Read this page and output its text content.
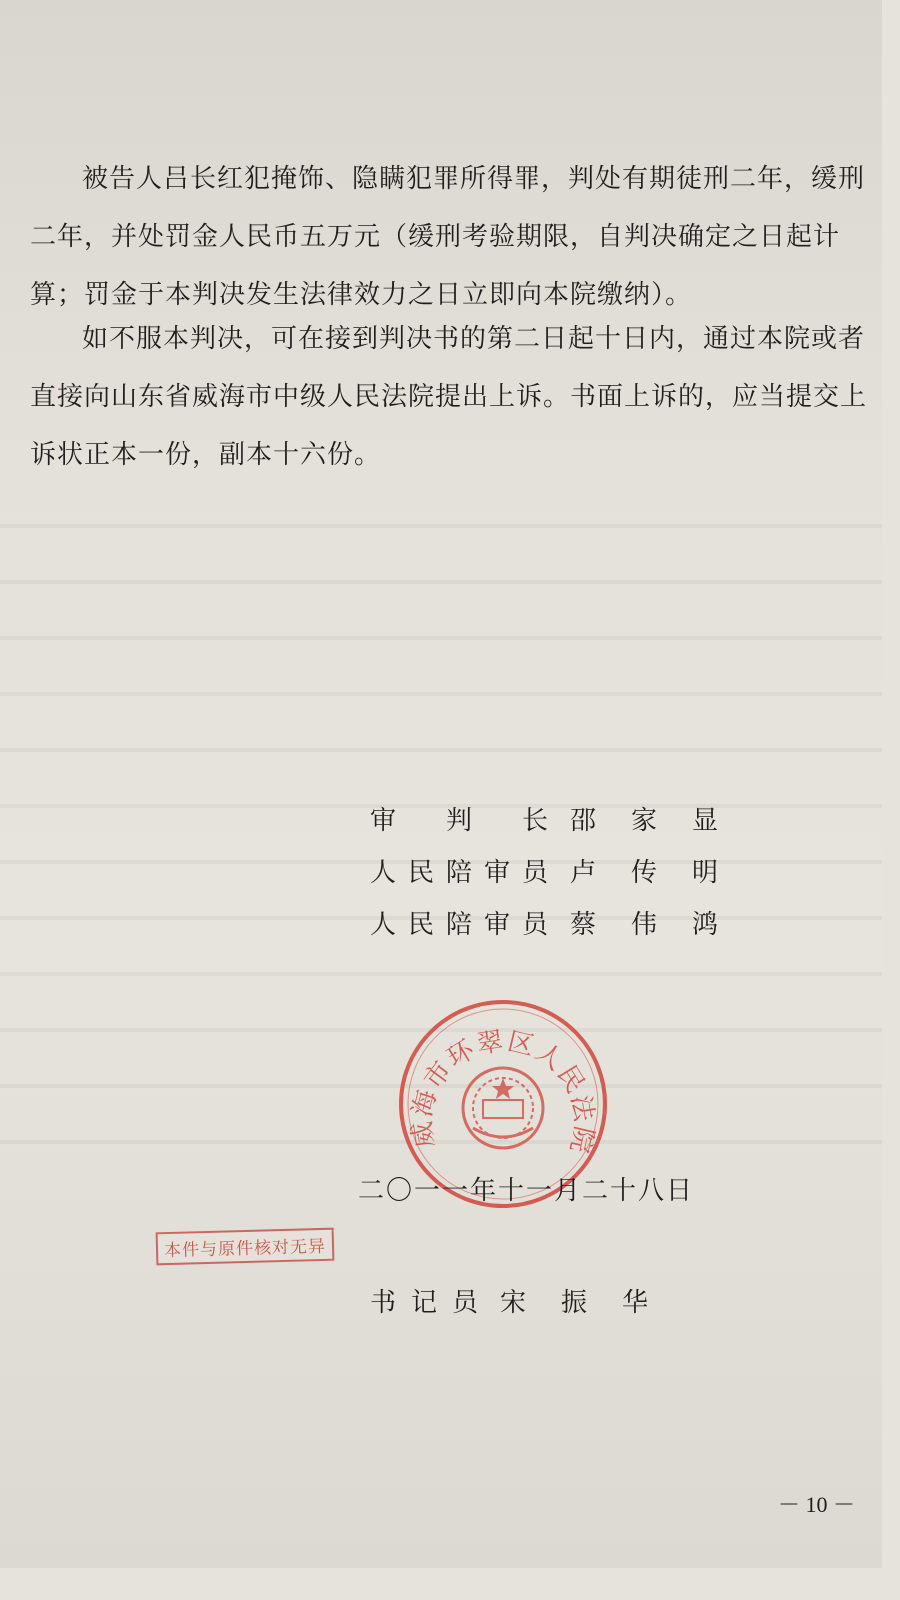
被告人吕长红犯掩饰、隐瞒犯罪所得罪，判处有期徒刑二年，缓刑二年，并处罚金人民币五万元（缓刑考验期限，自判决确定之日起计算；罚金于本判决发生法律效力之日立即向本院缴纳）。

如不服本判决，可在接到判决书的第二日起十日内，通过本院或者直接向山东省威海市中级人民法院提出上诉。书面上诉的，应当提交上诉状正本一份，副本十六份。

审判长 邵家显
人民陪审员 卢传明
人民陪审员 蔡伟鸿
威海市环翠区人民法院
二〇一一年十一月二十八日
本件与原件核对无异
书记员 宋振华
－ 10 －
